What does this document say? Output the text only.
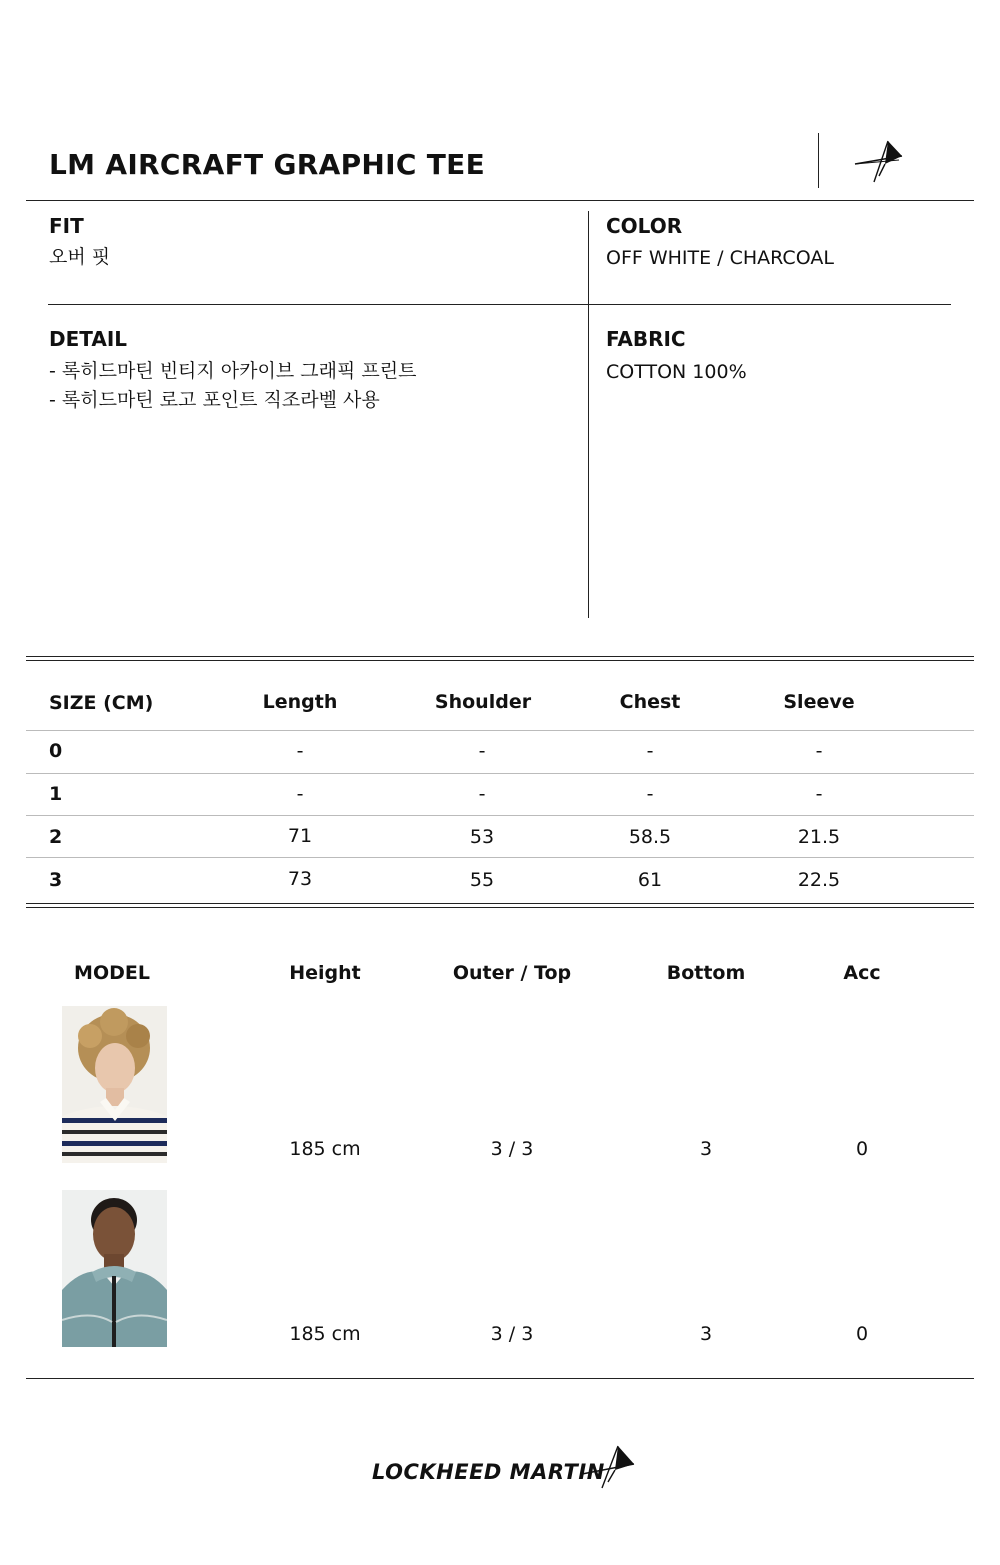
LM AIRCRAFT GRAPHIC TEE
FIT
오버 핏
COLOR
OFF WHITE / CHARCOAL
DETAIL
- 록히드마틴 빈티지 아카이브 그래픽 프린트
- 록히드마틴 로고 포인트 직조라벨 사용
FABRIC
COTTON 100%
SIZE (CM)	Length	Shoulder	Chest	Sleeve
0	-	-	-	-
1	-	-	-	-
2	71	53	58.5	21.5
3	73	55	61	22.5
MODEL	Height	Outer / Top	Bottom	Acc
185 cm	3 / 3	3	0
185 cm	3 / 3	3	0
LOCKHEED MARTIN
